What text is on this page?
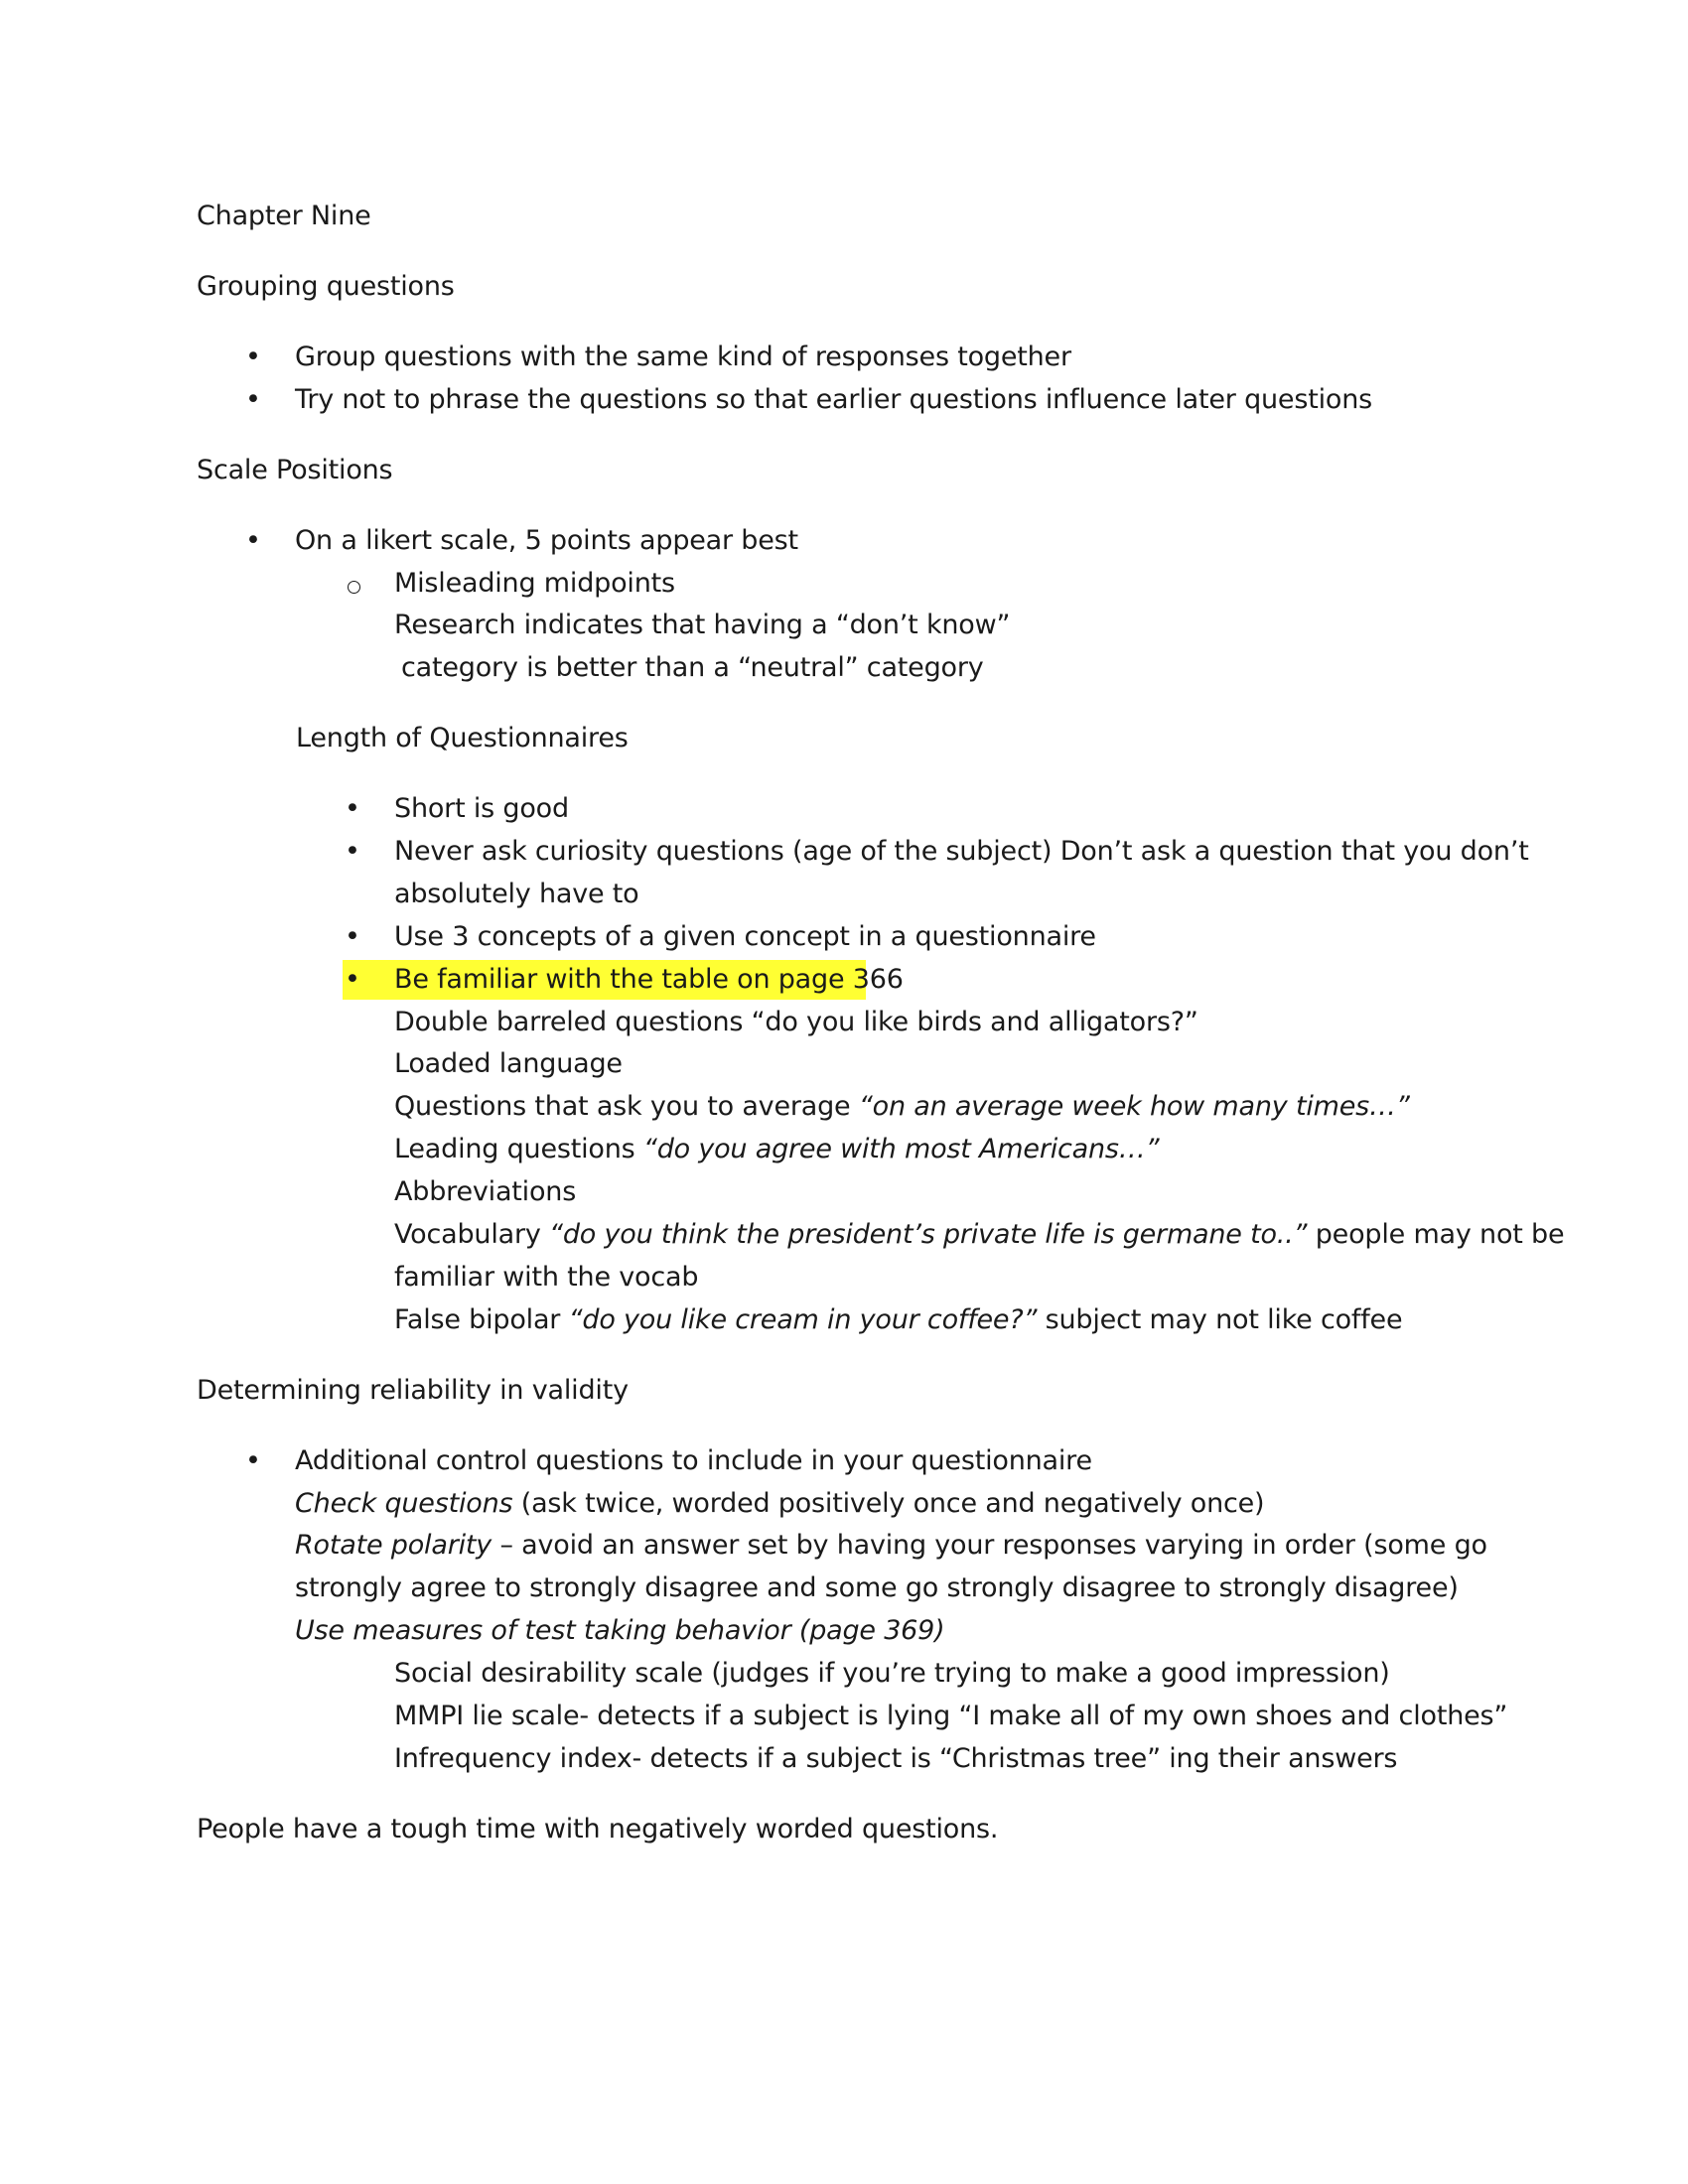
Chapter Nine
Grouping questions
• Group questions with the same kind of responses together
• Try not to phrase the questions so that earlier questions influence later questions
Scale Positions
• On a likert scale, 5 points appear best
Misleading midpoints
Research indicates that having a “don’t know”
category is better than a “neutral” category
Length of Questionnaires
• Short is good
• Never ask curiosity questions (age of the subject) Don’t ask a question that you don’t
absolutely have to
• Use 3 concepts of a given concept in a questionnaire
• Be familiar with the table on page 366
Double barreled questions “do you like birds and alligators?”
Loaded language
Questions that ask you to average “on an average week how many times…”
Leading questions “do you agree with most Americans…”
Abbreviations
Vocabulary “do you think the president’s private life is germane to..” people may not be
familiar with the vocab
False bipolar “do you like cream in your coffee?” subject may not like coffee
Determining reliability in validity
• Additional control questions to include in your questionnaire
Check questions (ask twice, worded positively once and negatively once)
Rotate polarity – avoid an answer set by having your responses varying in order (some go
strongly agree to strongly disagree and some go strongly disagree to strongly disagree)
Use measures of test taking behavior (page 369)
Social desirability scale (judges if you’re trying to make a good impression)
MMPI lie scale- detects if a subject is lying “I make all of my own shoes and clothes”
Infrequency index- detects if a subject is “Christmas tree” ing their answers
People have a tough time with negatively worded questions.
